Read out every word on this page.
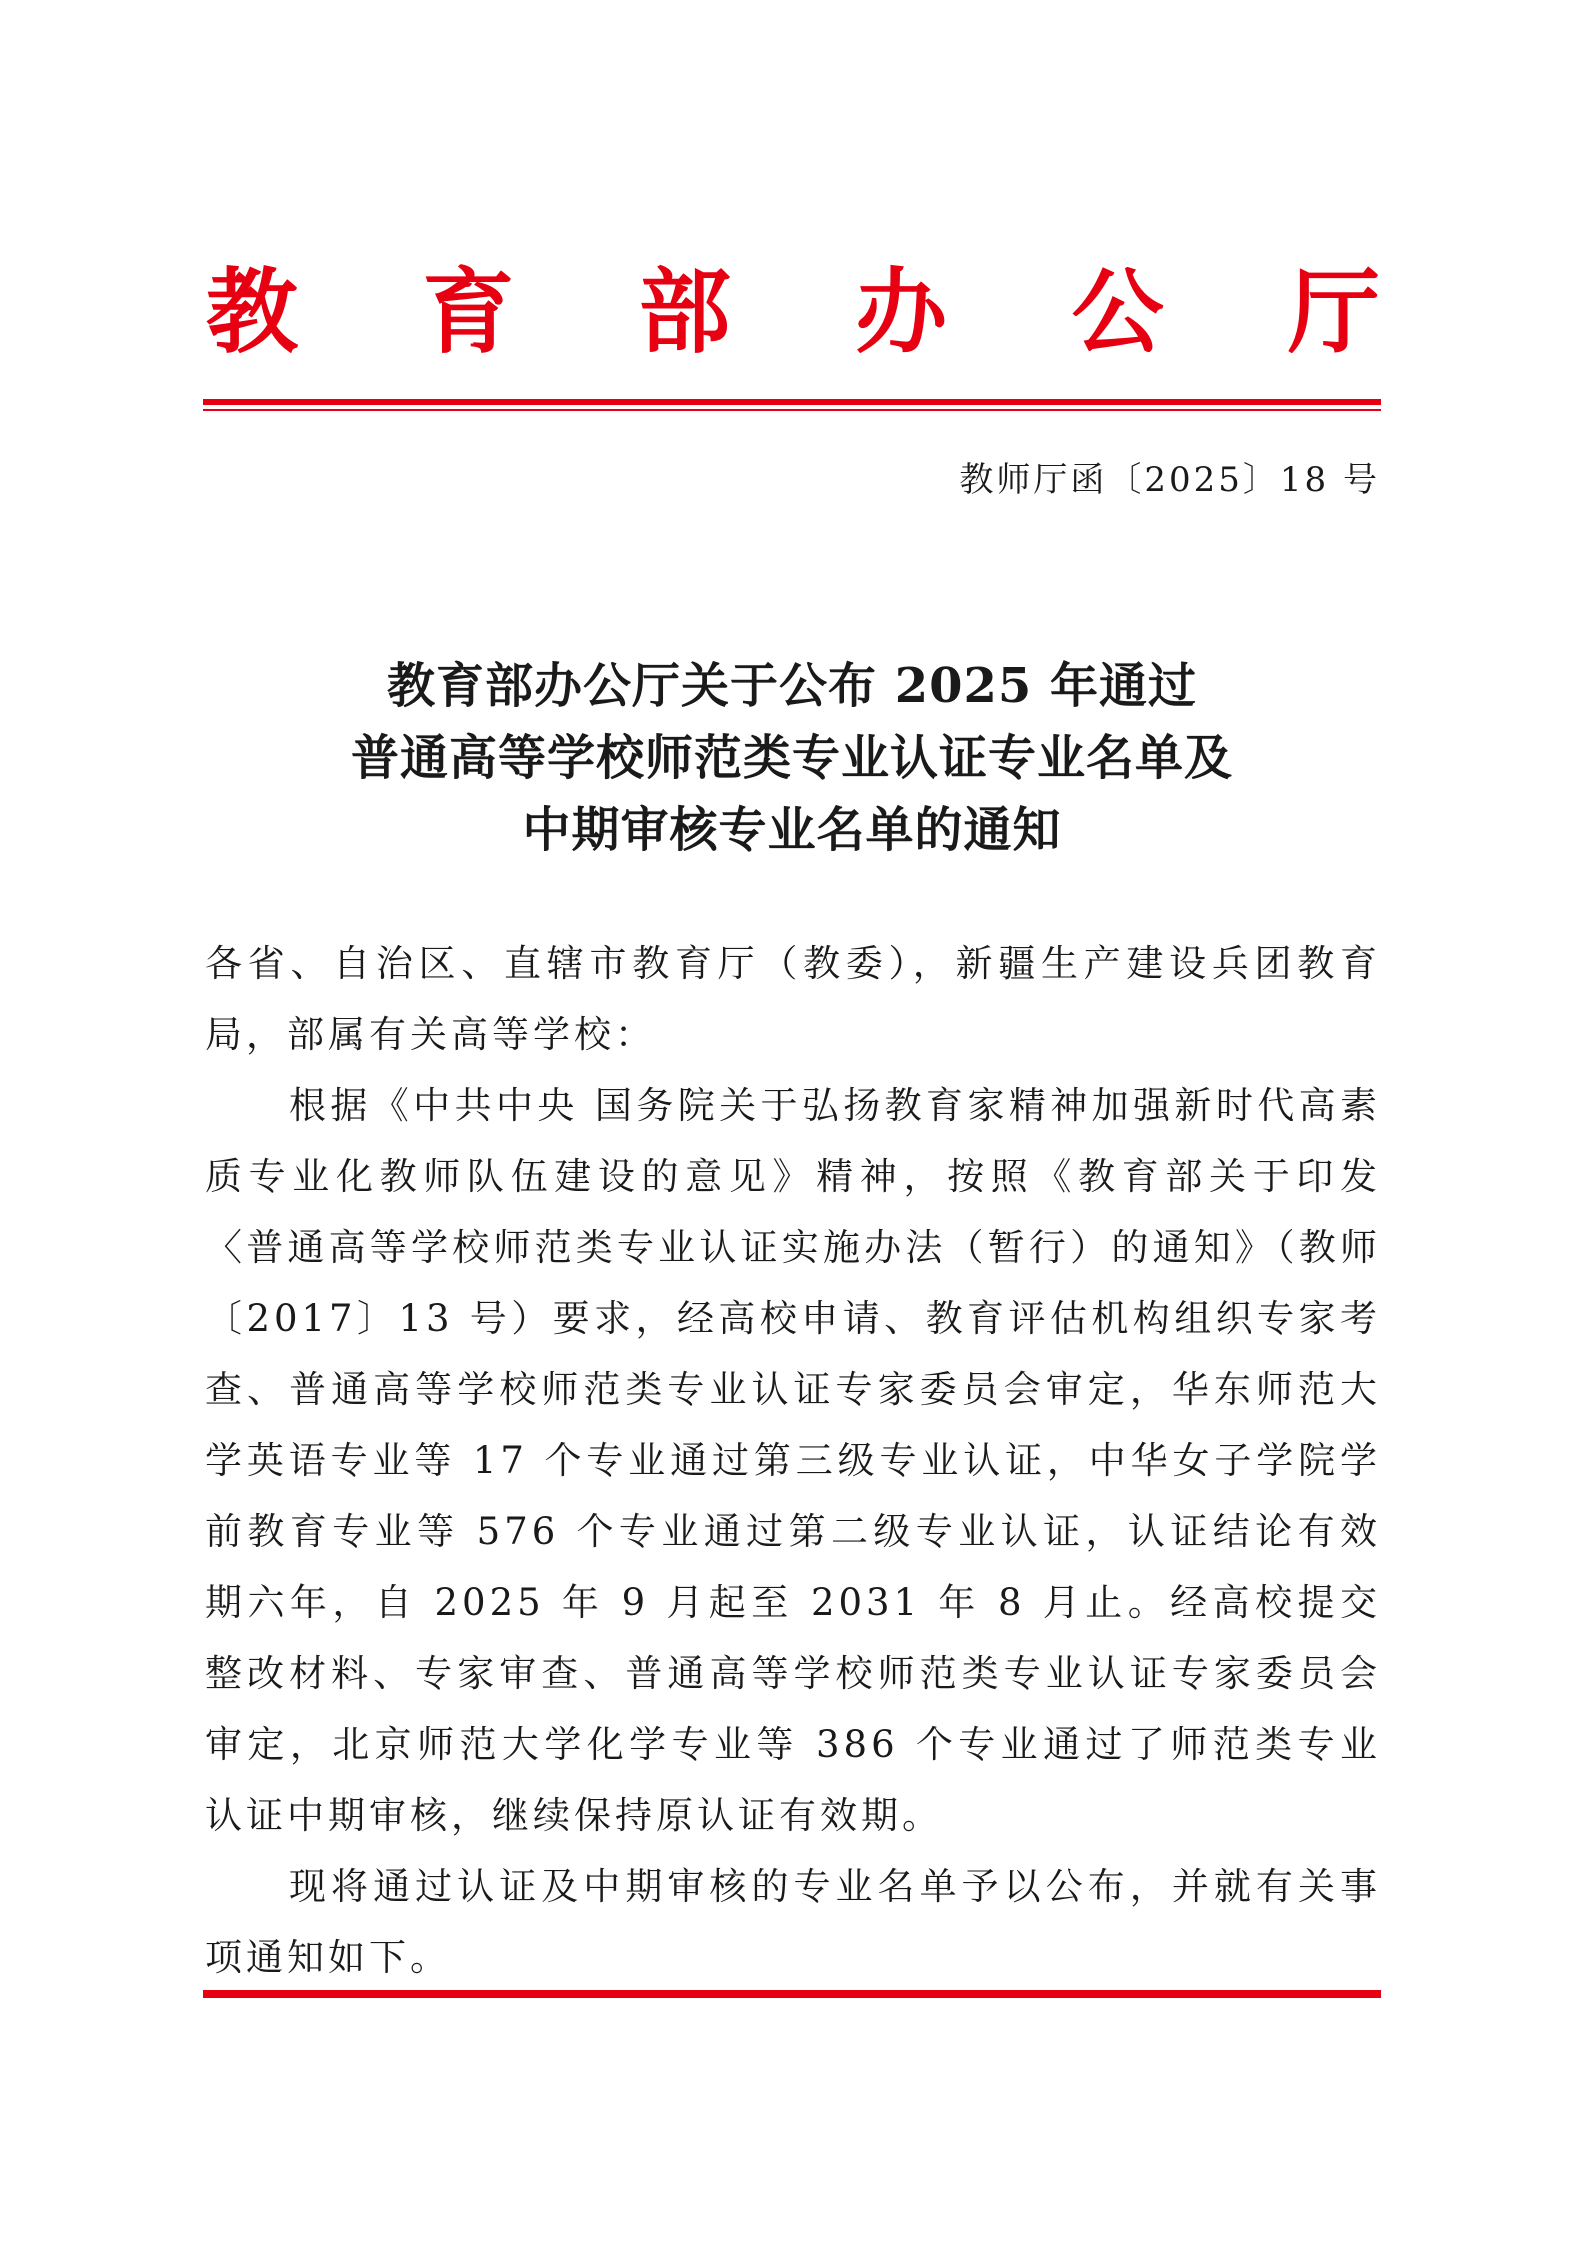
教 育 部 办 公 厅
教师厅函〔2025〕18 号
教育部办公厅关于公布 2025 年通过
普通高等学校师范类专业认证专业名单及
中期审核专业名单的通知

各省、自治区、直辖市教育厅（教委），新疆生产建设兵团教育局，部属有关高等学校：

根据《中共中央 国务院关于弘扬教育家精神加强新时代高素质专业化教师队伍建设的意见》精神，按照《教育部关于印发〈普通高等学校师范类专业认证实施办法（暂行）的通知》（教师〔2017〕13 号）要求，经高校申请、教育评估机构组织专家考查、普通高等学校师范类专业认证专家委员会审定，华东师范大学英语专业等 17 个专业通过第三级专业认证，中华女子学院学前教育专业等 576 个专业通过第二级专业认证，认证结论有效期六年，自 2025 年 9 月起至 2031 年 8 月止。经高校提交整改材料、专家审查、普通高等学校师范类专业认证专家委员会审定，北京师范大学化学专业等 386 个专业通过了师范类专业认证中期审核，继续保持原认证有效期。

现将通过认证及中期审核的专业名单予以公布，并就有关事项通知如下。
